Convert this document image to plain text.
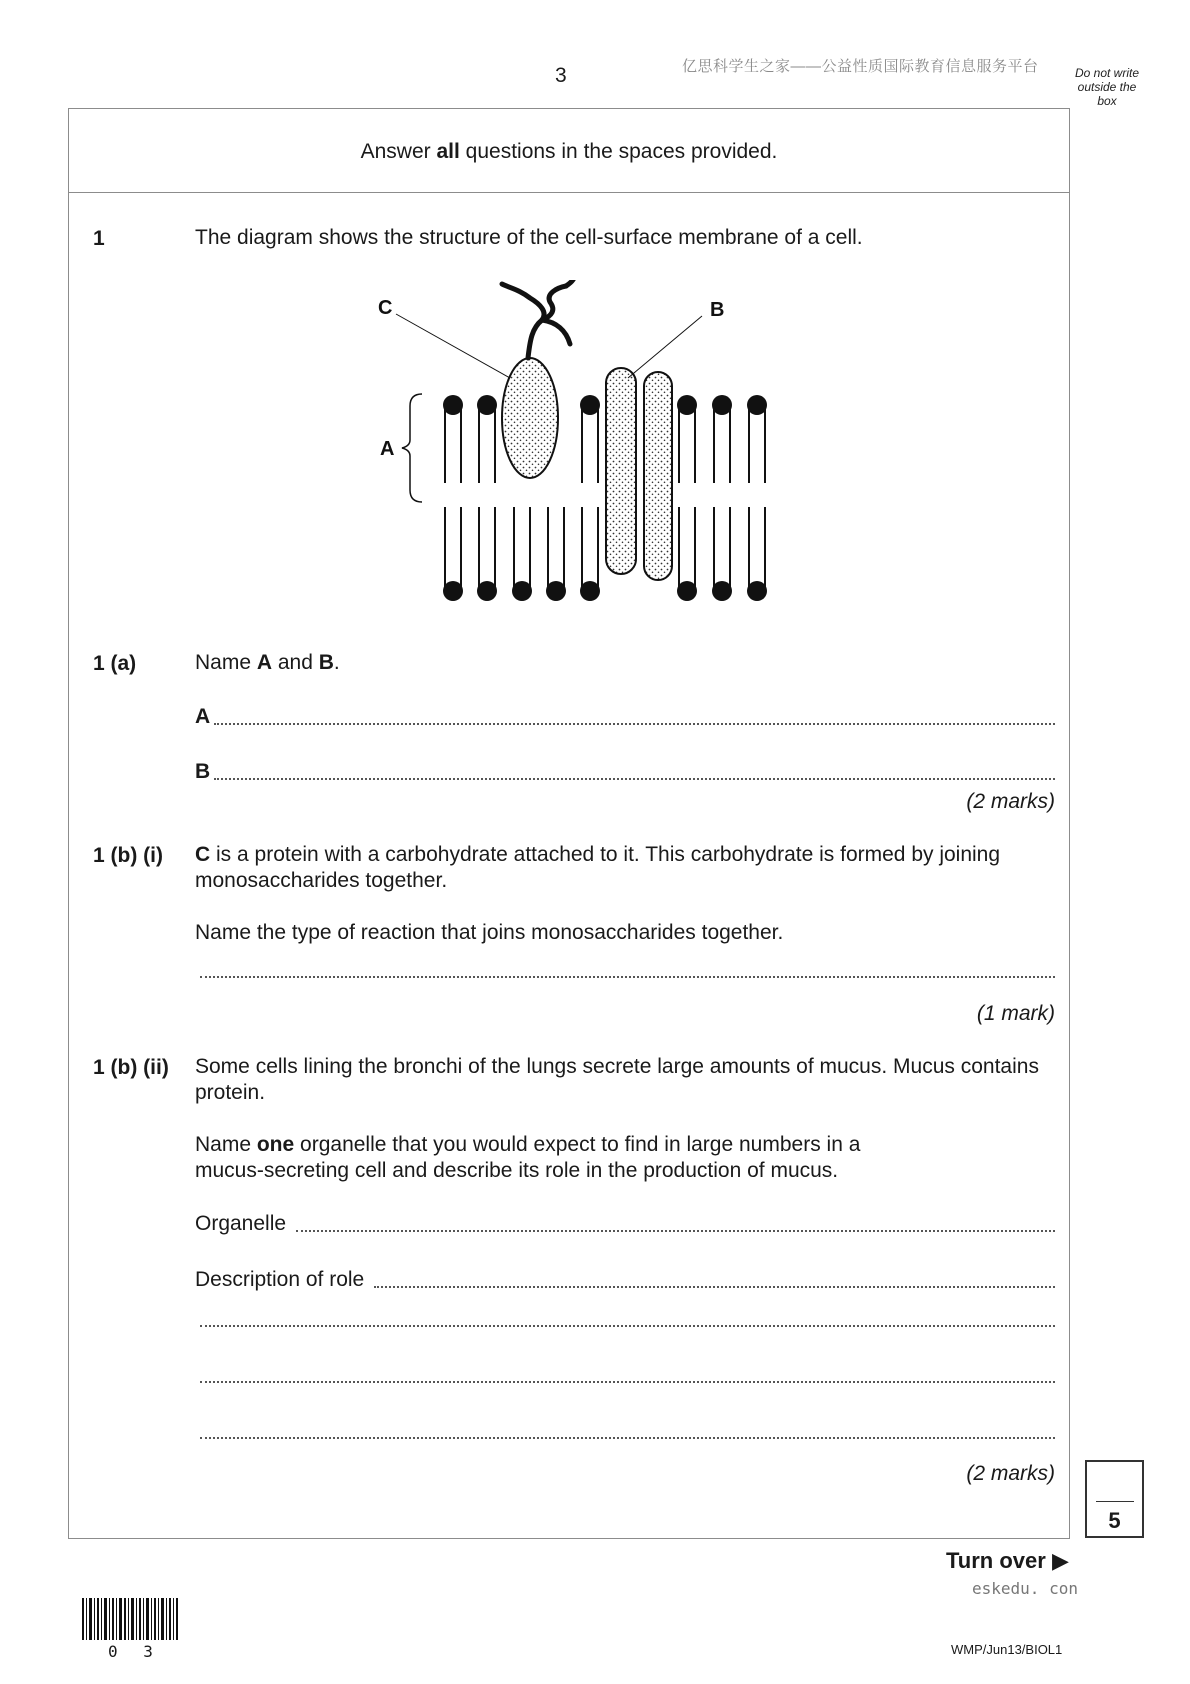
3	亿思科学生之家——公益性质国际教育信息服务平台	Do not write outside the box
Answer all questions in the spaces provided.
1	The diagram shows the structure of the cell-surface membrane of a cell.
C	B
A
1 (a)	Name A and B.
A
B
(2 marks)
1 (b) (i) C is a protein with a carbohydrate attached to it. This carbohydrate is formed by joining monosaccharides together.
Name the type of reaction that joins monosaccharides together.
(1 mark)
1 (b) (ii) Some cells lining the bronchi of the lungs secrete large amounts of mucus. Mucus contains protein.
Name one organelle that you would expect to find in large numbers in a mucus-secreting cell and describe its role in the production of mucus.
Organelle
Description of role
(2 marks)
5
Turn over ▶
eskedu. con
0 3	WMP/Jun13/BIOL1
